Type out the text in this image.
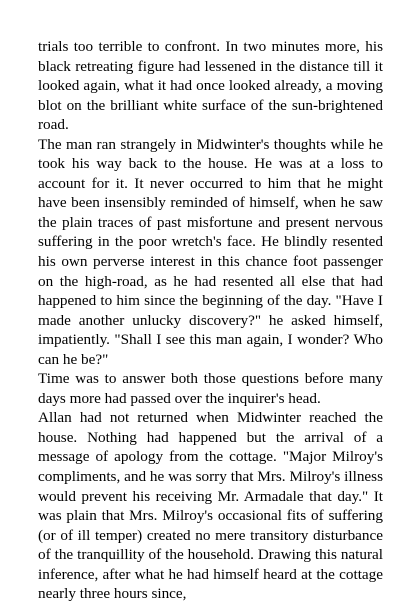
trials too terrible to confront. In two minutes more, his black retreating figure had lessened in the distance till it looked again, what it had once looked already, a moving blot on the brilliant white surface of the sun-brightened road.

The man ran strangely in Midwinter's thoughts while he took his way back to the house. He was at a loss to account for it. It never occurred to him that he might have been insensibly reminded of himself, when he saw the plain traces of past misfortune and present nervous suffering in the poor wretch's face. He blindly resented his own perverse interest in this chance foot passenger on the high-road, as he had resented all else that had happened to him since the beginning of the day. "Have I made another unlucky discovery?" he asked himself, impatiently. "Shall I see this man again, I wonder? Who can he be?"

Time was to answer both those questions before many days more had passed over the inquirer's head.

Allan had not returned when Midwinter reached the house. Nothing had happened but the arrival of a message of apology from the cottage. "Major Milroy's compliments, and he was sorry that Mrs. Milroy's illness would prevent his receiving Mr. Armadale that day." It was plain that Mrs. Milroy's occasional fits of suffering (or of ill temper) created no mere transitory disturbance of the tranquillity of the household. Drawing this natural inference, after what he had himself heard at the cottage nearly three hours since,
